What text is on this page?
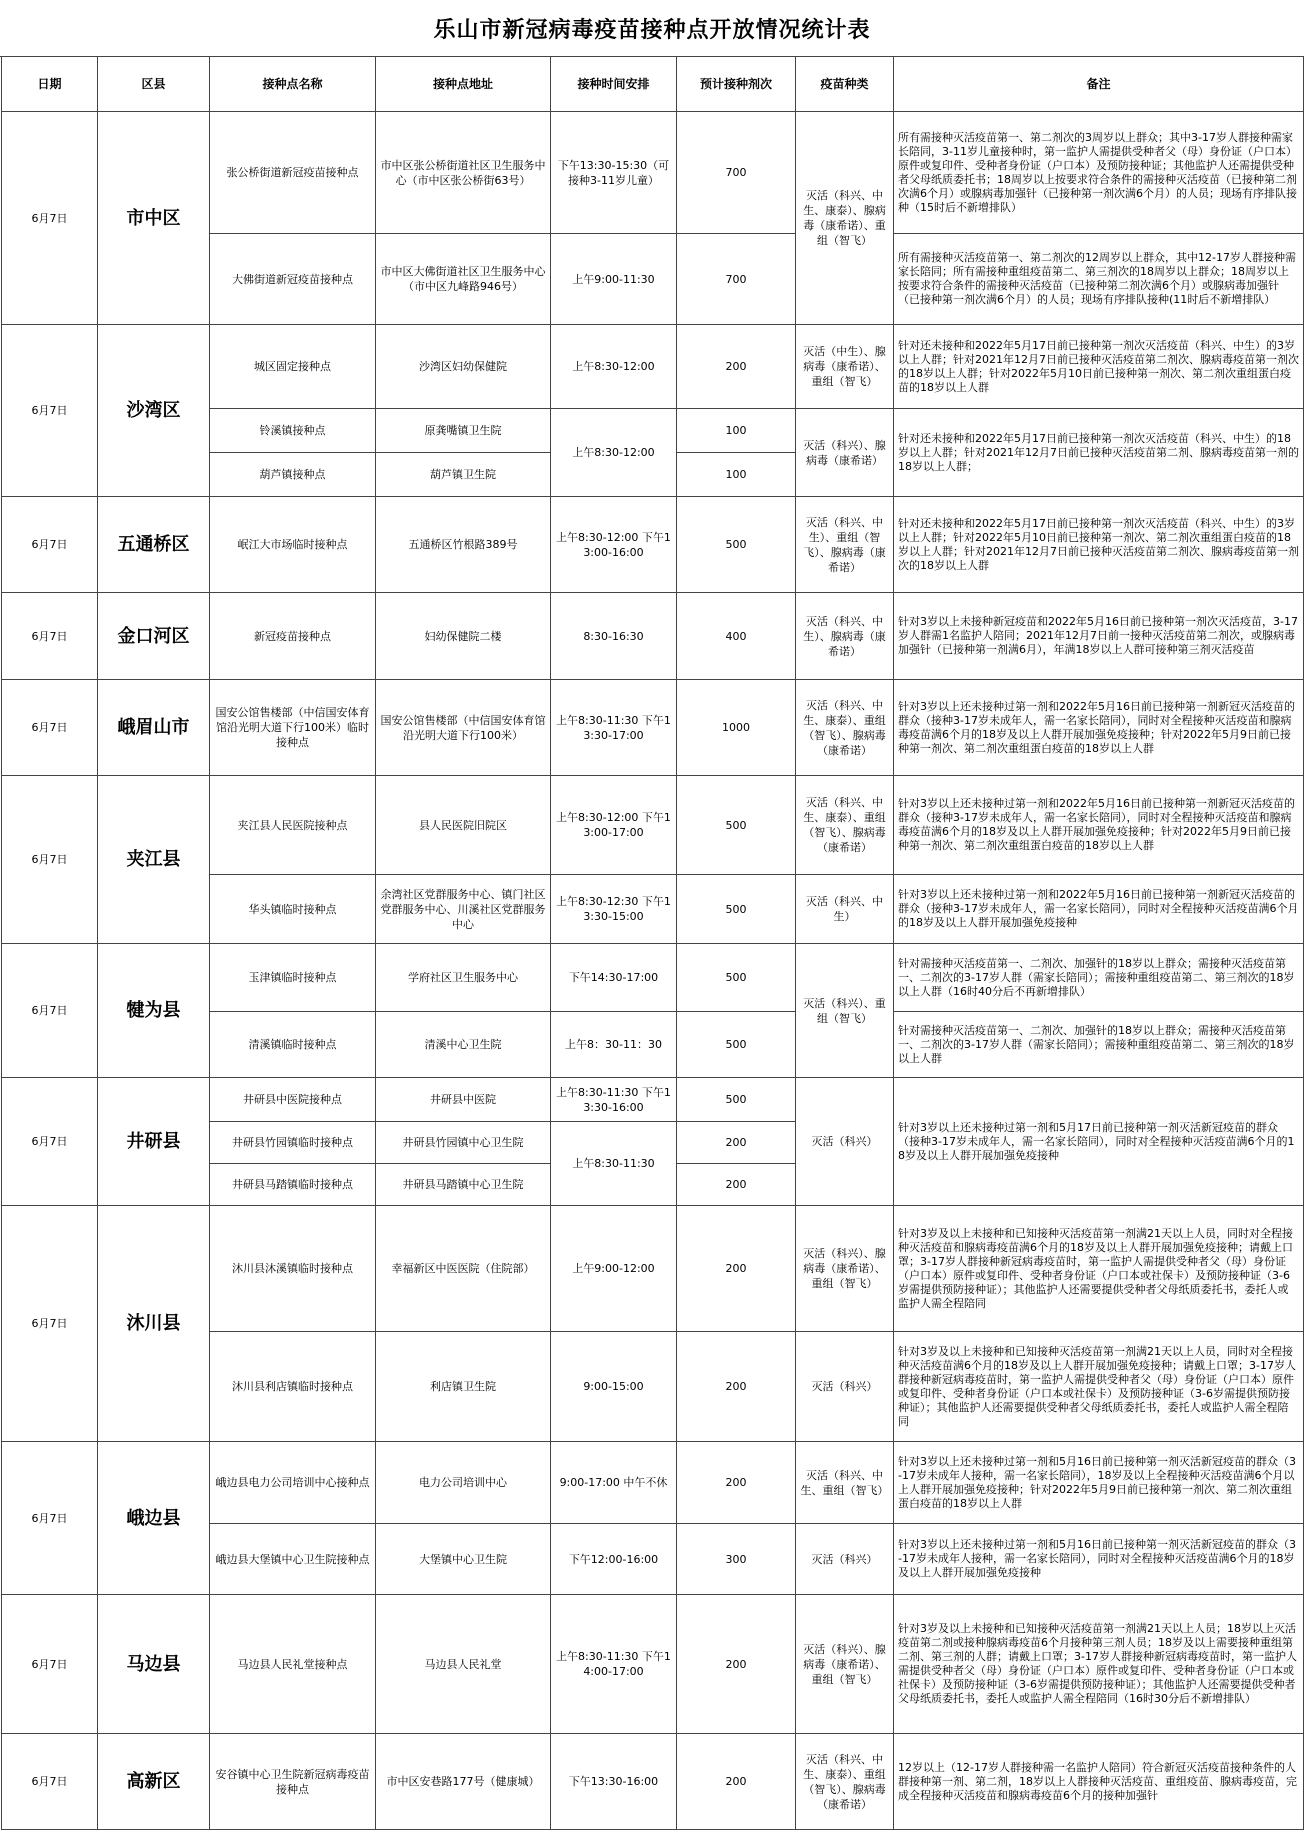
乐山市新冠病毒疫苗接种点开放情况统计表
日期	区县	接种点名称	接种点地址	接种时间安排	预计接种剂次	疫苗种类	备注
6月7日	市中区	张公桥街道新冠疫苗接种点	市中区张公桥街道社区卫生服务中心（市中区张公桥街63号）	下午13:30-15:30（可接种3-11岁儿童）	700	灭活（科兴、中生、康泰）、腺病毒（康希诺）、重组（智飞）	所有需接种灭活疫苗第一、第二剂次的3周岁以上群众；其中3-17岁人群接种需家长陪同，3-11岁儿童接种时，第一监护人需提供受种者父（母）身份证（户口本）原件或复印件、受种者身份证（户口本）及预防接种证；其他监护人还需提供受种者父母纸质委托书；18周岁以上按要求符合条件的需接种灭活疫苗（已接种第二剂次满6个月）或腺病毒加强针（已接种第一剂次满6个月）的人员；现场有序排队接种（15时后不新增排队）
		大佛街道新冠疫苗接种点	市中区大佛街道社区卫生服务中心（市中区九峰路946号）	上午9:00-11:30	700		所有需接种灭活疫苗第一、第二剂次的12周岁以上群众，其中12-17岁人群接种需家长陪同；所有需接种重组疫苗第二、第三剂次的18周岁以上群众；18周岁以上按要求符合条件的需接种灭活疫苗（已接种第二剂次满6个月）或腺病毒加强针（已接种第一剂次满6个月）的人员；现场有序排队接种(11时后不新增排队）
6月7日	沙湾区	城区固定接种点	沙湾区妇幼保健院	上午8:30-12:00	200	灭活（中生）、腺病毒（康希诺）、重组（智飞）	针对还未接种和2022年5月17日前已接种第一剂次灭活疫苗（科兴、中生）的3岁以上人群；针对2021年12月7日前已接种灭活疫苗第二剂次、腺病毒疫苗第一剂次的18岁以上人群；针对2022年5月10日前已接种第一剂次、第二剂次重组蛋白疫苗的18岁以上人群
		铃溪镇接种点	原龚嘴镇卫生院	上午8:30-12:00	100	灭活（科兴）、腺病毒（康希诺）	针对还未接种和2022年5月17日前已接种第一剂次灭活疫苗（科兴、中生）的18岁以上人群；针对2021年12月7日前已接种灭活疫苗第二剂、腺病毒疫苗第一剂的18岁以上人群；
		葫芦镇接种点	葫芦镇卫生院		100		
6月7日	五通桥区	岷江大市场临时接种点	五通桥区竹根路389号	上午8:30-12:00 下午13:00-16:00	500	灭活（科兴、中生）、重组（智飞）、腺病毒（康希诺）	针对还未接种和2022年5月17日前已接种第一剂次灭活疫苗（科兴、中生）的3岁以上人群；针对2022年5月10日前已接种第一剂次、第二剂次重组蛋白疫苗的18岁以上人群；针对2021年12月7日前已接种灭活疫苗第二剂次、腺病毒疫苗第一剂次的18岁以上人群
6月7日	金口河区	新冠疫苗接种点	妇幼保健院二楼	8:30-16:30	400	灭活（科兴、中生）、腺病毒（康希诺）	针对3岁以上未接种新冠疫苗和2022年5月16日前已接种第一剂次灭活疫苗，3-17岁人群需1名监护人陪同；2021年12月7日前一接种灭活疫苗第二剂次，或腺病毒加强针（已接种第一剂满6月），年满18岁以上人群可接种第三剂灭活疫苗
6月7日	峨眉山市	国安公馆售楼部（中信国安体育馆沿光明大道下行100米）临时接种点	国安公馆售楼部（中信国安体育馆沿光明大道下行100米）	上午8:30-11:30 下午13:30-17:00	1000	灭活（科兴、中生、康泰）、重组（智飞）、腺病毒（康希诺）	针对3岁以上还未接种过第一剂和2022年5月16日前已接种第一剂新冠灭活疫苗的群众（接种3-17岁未成年人，需一名家长陪同），同时对全程接种灭活疫苗和腺病毒疫苗满6个月的18岁及以上人群开展加强免疫接种；针对2022年5月9日前已接种第一剂次、第二剂次重组蛋白疫苗的18岁以上人群
6月7日	夹江县	夹江县人民医院接种点	县人民医院旧院区	上午8:30-12:00 下午13:00-17:00	500	灭活（科兴、中生、康泰）、重组（智飞）、腺病毒（康希诺）	针对3岁以上还未接种过第一剂和2022年5月16日前已接种第一剂新冠灭活疫苗的群众（接种3-17岁未成年人，需一名家长陪同），同时对全程接种灭活疫苗和腺病毒疫苗满6个月的18岁及以上人群开展加强免疫接种；针对2022年5月9日前已接种第一剂次、第二剂次重组蛋白疫苗的18岁以上人群
		华头镇临时接种点	余湾社区党群服务中心、镇门社区党群服务中心、川溪社区党群服务中心	上午8:30-12:30 下午13:30-15:00	500	灭活（科兴、中生）	针对3岁以上还未接种过第一剂和2022年5月16日前已接种第一剂新冠灭活疫苗的群众（接种3-17岁未成年人，需一名家长陪同），同时对全程接种灭活疫苗满6个月的18岁及以上人群开展加强免疫接种
6月7日	犍为县	玉津镇临时接种点	学府社区卫生服务中心	下午14:30-17:00	500	灭活（科兴）、重组（智飞）	针对需接种灭活疫苗第一、二剂次、加强针的18岁以上群众；需接种灭活疫苗第一、二剂次的3-17岁人群（需家长陪同）；需接种重组疫苗第二、第三剂次的18岁以上人群（16时40分后不再新增排队）
		清溪镇临时接种点	清溪中心卫生院	上午8：30-11：30	500		针对需接种灭活疫苗第一、二剂次、加强针的18岁以上群众；需接种灭活疫苗第一、二剂次的3-17岁人群（需家长陪同）；需接种重组疫苗第二、第三剂次的18岁以上人群
6月7日	井研县	井研县中医院接种点	井研县中医院	上午8:30-11:30 下午13:30-16:00	500	灭活（科兴）	针对3岁以上还未接种过第一剂和5月17日前已接种第一剂灭活新冠疫苗的群众（接种3-17岁未成年人，需一名家长陪同），同时对全程接种灭活疫苗满6个月的18岁及以上人群开展加强免疫接种
		井研县竹园镇临时接种点	井研县竹园镇中心卫生院	上午8:30-11:30	200		
		井研县马踏镇临时接种点	井研县马踏镇中心卫生院		200		
6月7日	沐川县	沐川县沐溪镇临时接种点	幸福新区中医医院（住院部）	上午9:00-12:00	200	灭活（科兴）、腺病毒（康希诺）、重组（智飞）	针对3岁及以上未接种和已知接种灭活疫苗第一剂满21天以上人员，同时对全程接种灭活疫苗和腺病毒疫苗满6个月的18岁及以上人群开展加强免疫接种；请戴上口罩；3-17岁人群接种新冠病毒疫苗时，第一监护人需提供受种者父（母）身份证（户口本）原件或复印件、受种者身份证（户口本或社保卡）及预防接种证（3-6岁需提供预防接种证）；其他监护人还需要提供受种者父母纸质委托书，委托人或监护人需全程陪同
		沐川县利店镇临时接种点	利店镇卫生院	9:00-15:00	200	灭活（科兴）	针对3岁及以上未接种和已知接种灭活疫苗第一剂满21天以上人员，同时对全程接种灭活疫苗满6个月的18岁及以上人群开展加强免疫接种；请戴上口罩；3-17岁人群接种新冠病毒疫苗时，第一监护人需提供受种者父（母）身份证（户口本）原件或复印件、受种者身份证（户口本或社保卡）及预防接种证（3-6岁需提供预防接种证）；其他监护人还需要提供受种者父母纸质委托书，委托人或监护人需全程陪同
6月7日	峨边县	峨边县电力公司培训中心接种点	电力公司培训中心	9:00-17:00 中午不休	200	灭活（科兴、中生、重组（智飞）	针对3岁以上还未接种过第一剂和5月16日前已接种第一剂灭活新冠疫苗的群众（3-17岁未成年人接种，需一名家长陪同），18岁及以上全程接种灭活疫苗满6个月以上人群开展加强免疫接种；针对2022年5月9日前已接种第一剂次、第二剂次重组蛋白疫苗的18岁以上人群
		峨边县大堡镇中心卫生院接种点	大堡镇中心卫生院	下午12:00-16:00	300	灭活（科兴）	针对3岁以上还未接种过第一剂和5月16日前已接种第一剂灭活新冠疫苗的群众（3-17岁未成年人接种，需一名家长陪同），同时对全程接种灭活疫苗满6个月的18岁及以上人群开展加强免疫接种
6月7日	马边县	马边县人民礼堂接种点	马边县人民礼堂	上午8:30-11:30 下午14:00-17:00	200	灭活（科兴）、腺病毒（康希诺）、重组（智飞）	针对3岁及以上未接种和已知接种灭活疫苗第一剂满21天以上人员；18岁以上灭活疫苗第二剂或接种腺病毒疫苗6个月接种第三剂人员；18岁及以上需要接种重组第二剂、第三剂的人群；请戴上口罩；3-17岁人群接种新冠病毒疫苗时，第一监护人需提供受种者父（母）身份证（户口本）原件或复印件、受种者身份证（户口本或社保卡）及预防接种证（3-6岁需提供预防接种证）；其他监护人还需要提供受种者父母纸质委托书，委托人或监护人需全程陪同（16时30分后不新增排队）
6月7日	高新区	安谷镇中心卫生院新冠病毒疫苗接种点	市中区安巷路177号（健康城）	下午13:30-16:00	200	灭活（科兴、中生、康泰）、重组（智飞）、腺病毒（康希诺）	12岁以上（12-17岁人群接种需一名监护人陪同）符合新冠灭活疫苗接种条件的人群接种第一剂、第二剂，18岁以上人群接种灭活疫苗、重组疫苗、腺病毒疫苗，完成全程接种灭活疫苗和腺病毒疫苗6个月的接种加强针
